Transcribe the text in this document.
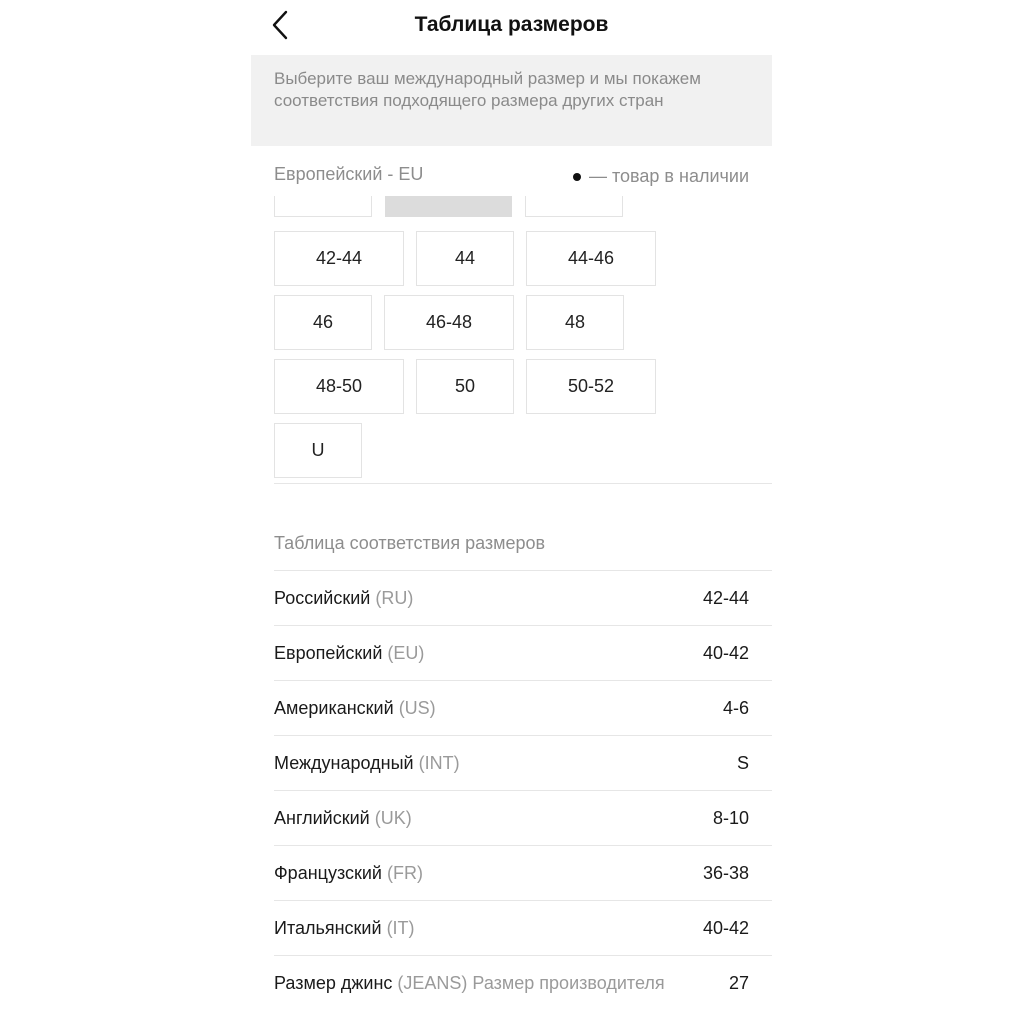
Таблица размеров
Выберите ваш международный размер и мы покажем соответствия подходящего размера других стран
Европейский - EU	— товар в наличии
42-44	44	44-46
46	46-48	48
48-50	50	50-52
U
Таблица соответствия размеров
Российский (RU)	42-44
Европейский (EU)	40-42
Американский (US)	4-6
Международный (INT)	S
Английский (UK)	8-10
Французский (FR)	36-38
Итальянский (IT)	40-42
Размер джинс (JEANS) Размер производителя	27
